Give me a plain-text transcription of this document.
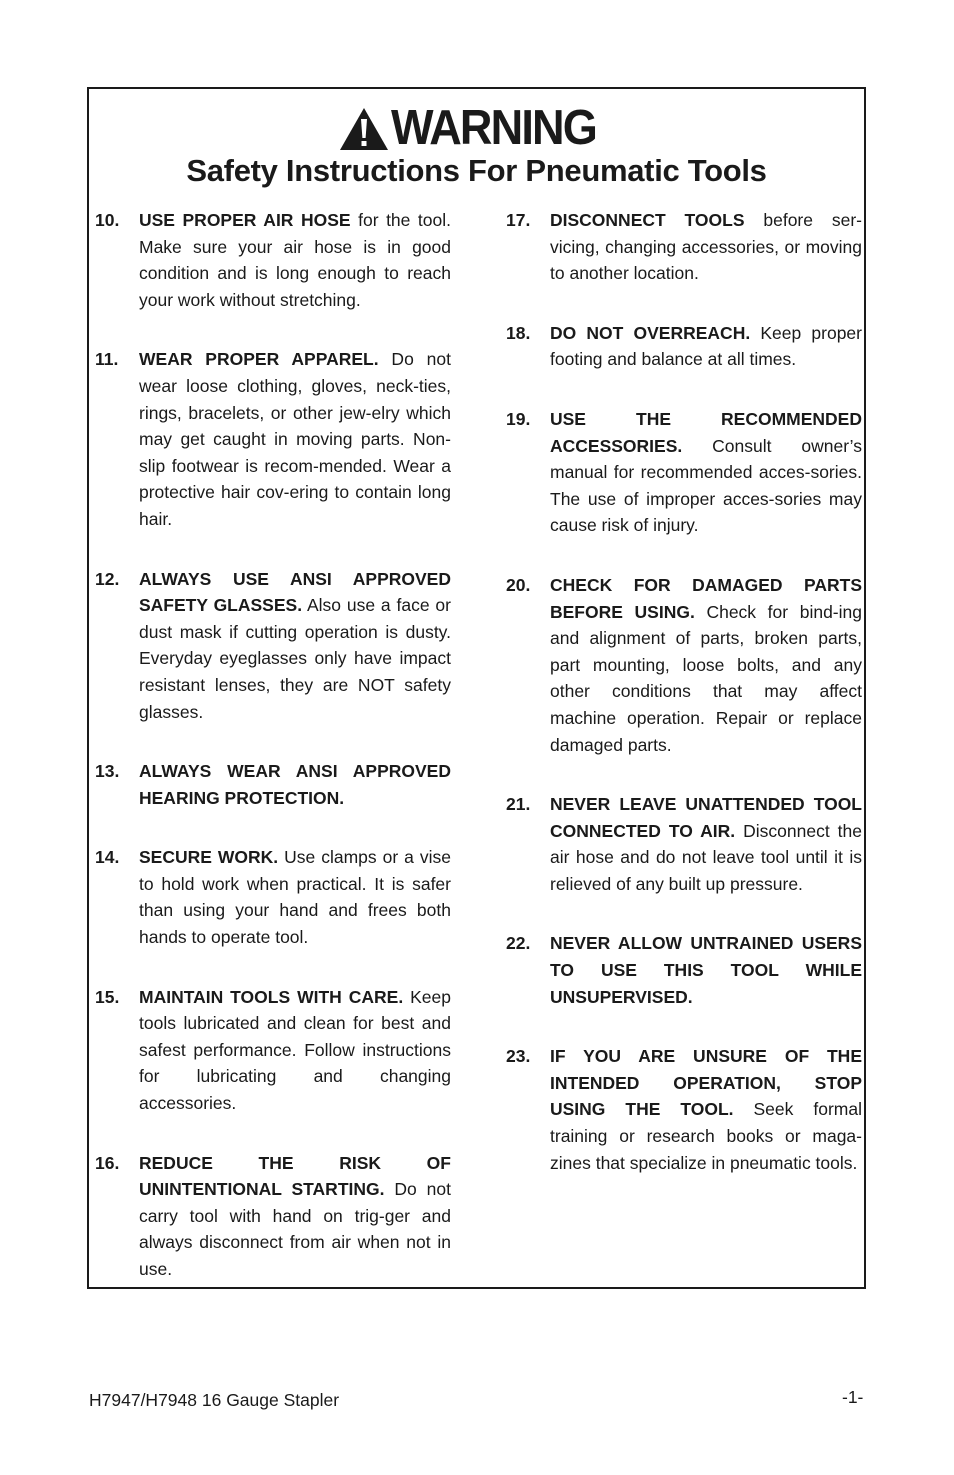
WARNING
Safety Instructions For Pneumatic Tools
10. USE PROPER AIR HOSE for the tool. Make sure your air hose is in good condition and is long enough to reach your work without stretching.
11. WEAR PROPER APPAREL. Do not wear loose clothing, gloves, neck-ties, rings, bracelets, or other jew-elry which may get caught in moving parts. Non-slip footwear is recom-mended. Wear a protective hair cov-ering to contain long hair.
12. ALWAYS USE ANSI APPROVED SAFETY GLASSES. Also use a face or dust mask if cutting operation is dusty. Everyday eyeglasses only have impact resistant lenses, they are NOT safety glasses.
13. ALWAYS WEAR ANSI APPROVED HEARING PROTECTION.
14. SECURE WORK. Use clamps or a vise to hold work when practical. It is safer than using your hand and frees both hands to operate tool.
15. MAINTAIN TOOLS WITH CARE. Keep tools lubricated and clean for best and safest performance. Follow instructions for lubricating and changing accessories.
16. REDUCE THE RISK OF UNINTENTIONAL STARTING. Do not carry tool with hand on trig-ger and always disconnect from air when not in use.
17. DISCONNECT TOOLS before ser-vicing, changing accessories, or moving to another location.
18. DO NOT OVERREACH. Keep proper footing and balance at all times.
19. USE THE RECOMMENDED ACCESSORIES. Consult owner’s manual for recommended acces-sories. The use of improper acces-sories may cause risk of injury.
20. CHECK FOR DAMAGED PARTS BEFORE USING. Check for bind-ing and alignment of parts, broken parts, part mounting, loose bolts, and any other conditions that may affect machine operation. Repair or replace damaged parts.
21. NEVER LEAVE UNATTENDED TOOL CONNECTED TO AIR. Disconnect the air hose and do not leave tool until it is relieved of any built up pressure.
22. NEVER ALLOW UNTRAINED USERS TO USE THIS TOOL WHILE UNSUPERVISED.
23. IF YOU ARE UNSURE OF THE INTENDED OPERATION, STOP USING THE TOOL. Seek formal training or research books or maga-zines that specialize in pneumatic tools.
H7947/H7948 16 Gauge Stapler	-1-
